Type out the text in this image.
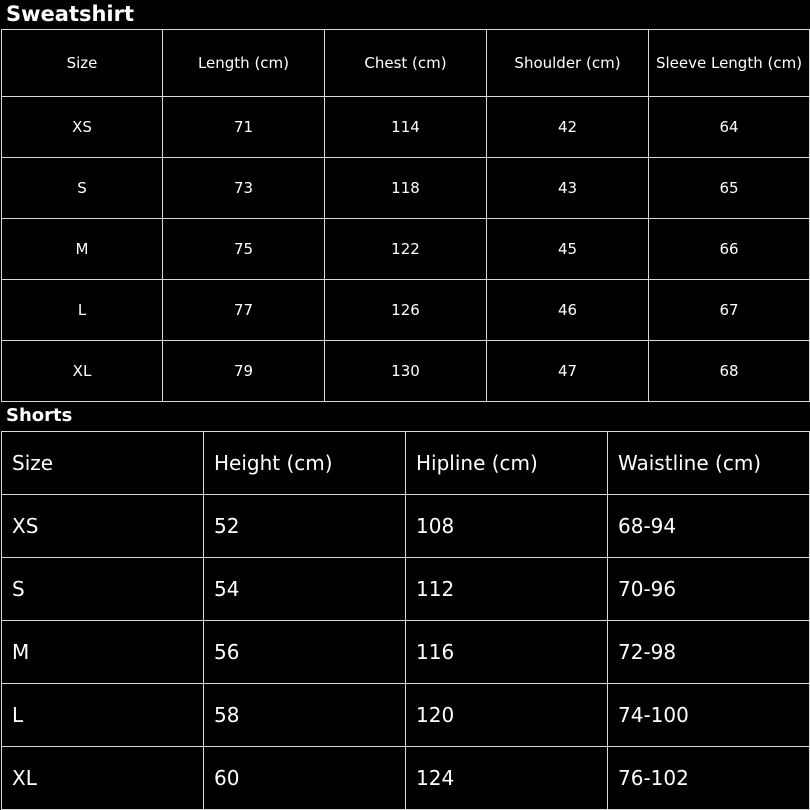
Sweatshirt
Size	Length (cm)	Chest (cm)	Shoulder (cm)	Sleeve Length (cm)
XS	71	114	42	64
S	73	118	43	65
M	75	122	45	66
L	77	126	46	67
XL	79	130	47	68
Shorts
Size	Height (cm)	Hipline (cm)	Waistline (cm)
XS	52	108	68-94
S	54	112	70-96
M	56	116	72-98
L	58	120	74-100
XL	60	124	76-102
